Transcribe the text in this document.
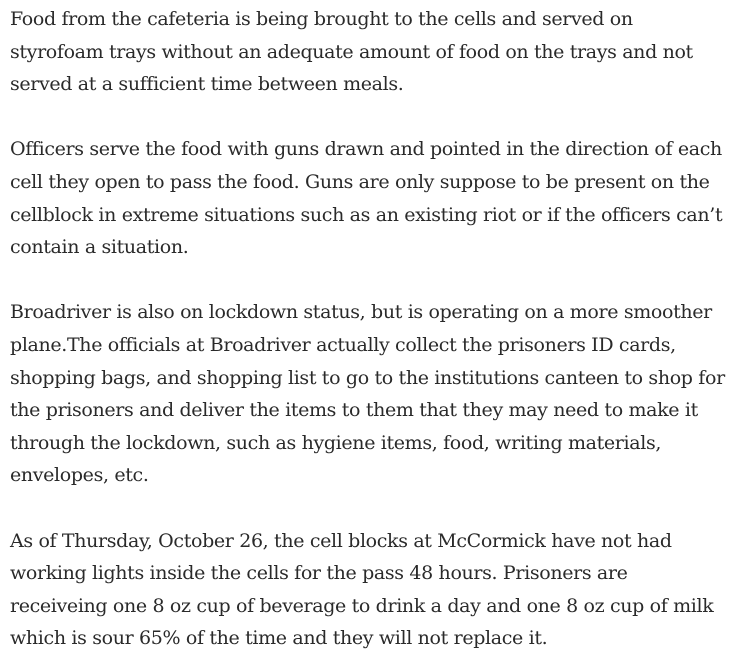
Food from the cafeteria is being brought to the cells and served on styrofoam trays without an adequate amount of food on the trays and not served at a sufficient time between meals.

Officers serve the food with guns drawn and pointed in the direction of each cell they open to pass the food. Guns are only suppose to be present on the cellblock in extreme situations such as an existing riot or if the officers can’t contain a situation.

Broadriver is also on lockdown status, but is operating on a more smoother plane.The officials at Broadriver actually collect the prisoners ID cards, shopping bags, and shopping list to go to the institutions canteen to shop for the prisoners and deliver the items to them that they may need to make it through the lockdown, such as hygiene items, food, writing materials, envelopes, etc.

As of Thursday, October 26, the cell blocks at McCormick have not had working lights inside the cells for the pass 48 hours. Prisoners are receiveing one 8 oz cup of beverage to drink a day and one 8 oz cup of milk which is sour 65% of the time and they will not replace it.
